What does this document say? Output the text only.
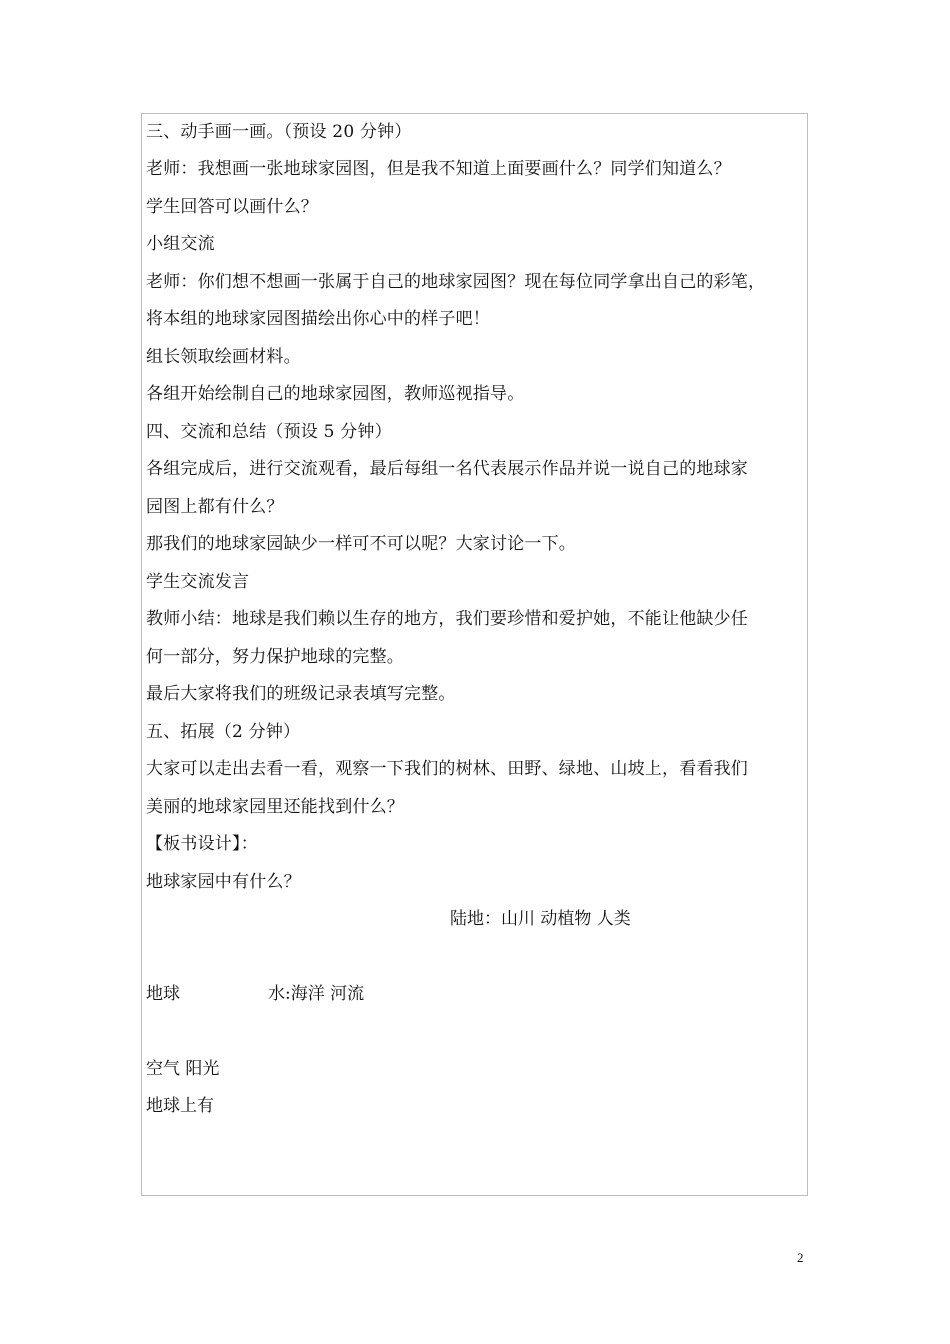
三、动手画一画。（预设 20 分钟）
老师：我想画一张地球家园图，但是我不知道上面要画什么？同学们知道么？
学生回答可以画什么？
小组交流
老师：你们想不想画一张属于自己的地球家园图？现在每位同学拿出自己的彩笔，
将本组的地球家园图描绘出你心中的样子吧！
组长领取绘画材料。
各组开始绘制自己的地球家园图，教师巡视指导。
四、交流和总结（预设 5 分钟）
各组完成后，进行交流观看，最后每组一名代表展示作品并说一说自己的地球家
园图上都有什么？
那我们的地球家园缺少一样可不可以呢？大家讨论一下。
学生交流发言
教师小结：地球是我们赖以生存的地方，我们要珍惜和爱护她，不能让他缺少任
何一部分，努力保护地球的完整。
最后大家将我们的班级记录表填写完整。
五、拓展（2 分钟）
大家可以走出去看一看，观察一下我们的树林、田野、绿地、山坡上，看看我们
美丽的地球家园里还能找到什么？
【板书设计】：
地球家园中有什么？
陆地：山川 动植物 人类
地球	水:海洋 河流
空气 阳光
地球上有
2
